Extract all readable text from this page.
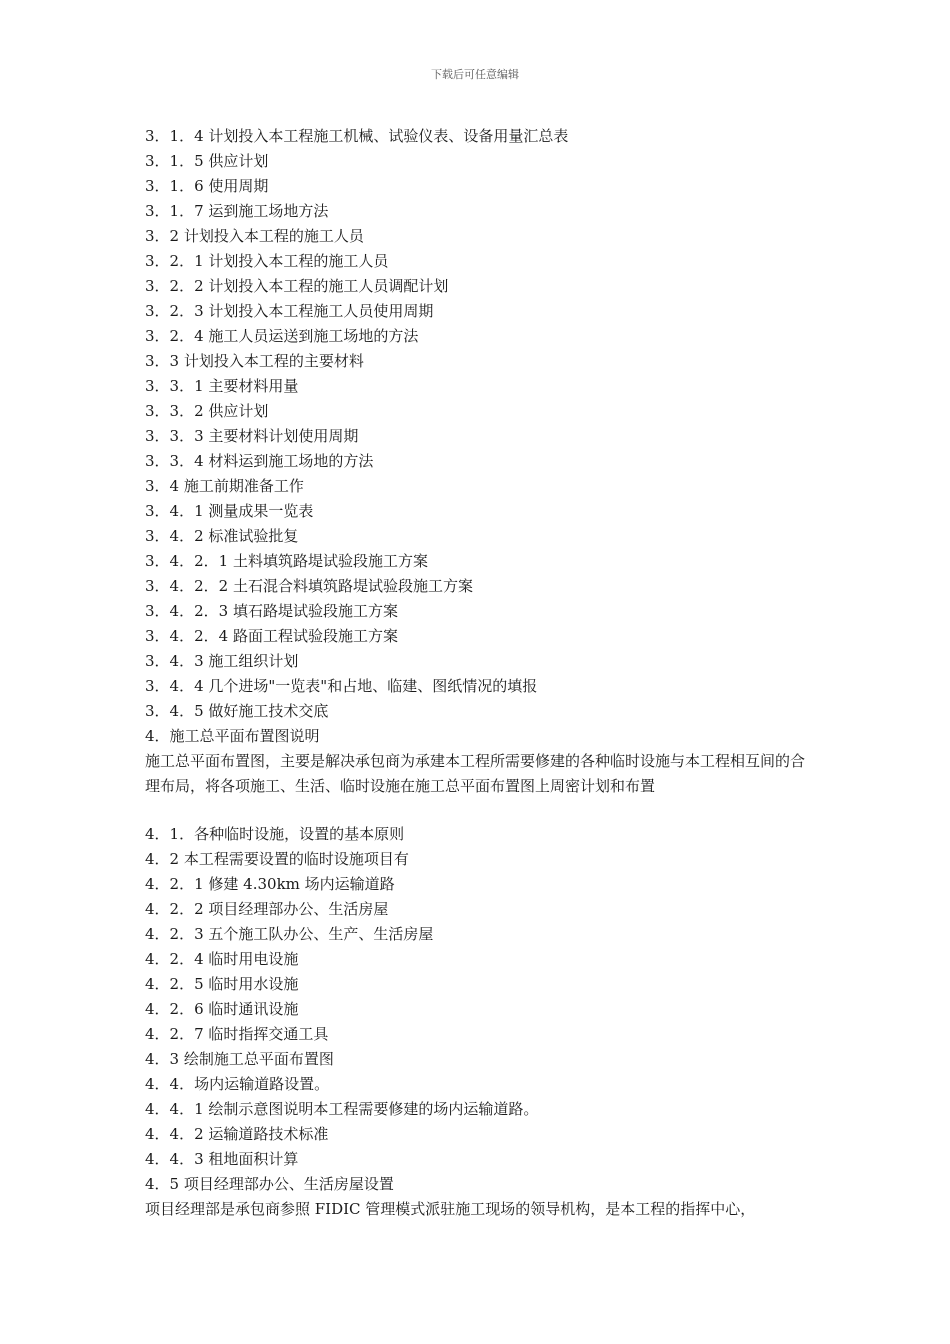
下载后可任意编辑
3．1．4 计划投入本工程施工机械、试验仪表、设备用量汇总表
3．1．5 供应计划
3．1．6 使用周期
3．1．7 运到施工场地方法
3．2 计划投入本工程的施工人员
3．2．1 计划投入本工程的施工人员
3．2．2 计划投入本工程的施工人员调配计划
3．2．3 计划投入本工程施工人员使用周期
3．2．4 施工人员运送到施工场地的方法
3．3 计划投入本工程的主要材料
3．3．1 主要材料用量
3．3．2 供应计划
3．3．3 主要材料计划使用周期
3．3．4 材料运到施工场地的方法
3．4 施工前期准备工作
3．4．1 测量成果一览表
3．4．2 标准试验批复
3．4．2．1 土料填筑路堤试验段施工方案
3．4．2．2 土石混合料填筑路堤试验段施工方案
3．4．2．3 填石路堤试验段施工方案
3．4．2．4 路面工程试验段施工方案
3．4．3 施工组织计划
3．4．4 几个进场"一览表"和占地、临建、图纸情况的填报
3．4．5 做好施工技术交底
4．施工总平面布置图说明
施工总平面布置图，主要是解决承包商为承建本工程所需要修建的各种临时设施与本工程相互间的合理布局，将各项施工、生活、临时设施在施工总平面布置图上周密计划和布置
4．1．各种临时设施，设置的基本原则
4．2 本工程需要设置的临时设施项目有
4．2．1 修建 4.30km 场内运输道路
4．2．2 项目经理部办公、生活房屋
4．2．3 五个施工队办公、生产、生活房屋
4．2．4 临时用电设施
4．2．5 临时用水设施
4．2．6 临时通讯设施
4．2．7 临时指挥交通工具
4．3 绘制施工总平面布置图
4．4．场内运输道路设置。
4．4．1 绘制示意图说明本工程需要修建的场内运输道路。
4．4．2 运输道路技术标准
4．4．3 租地面积计算
4．5 项目经理部办公、生活房屋设置
项目经理部是承包商参照 FIDIC 管理模式派驻施工现场的领导机构，是本工程的指挥中心，
